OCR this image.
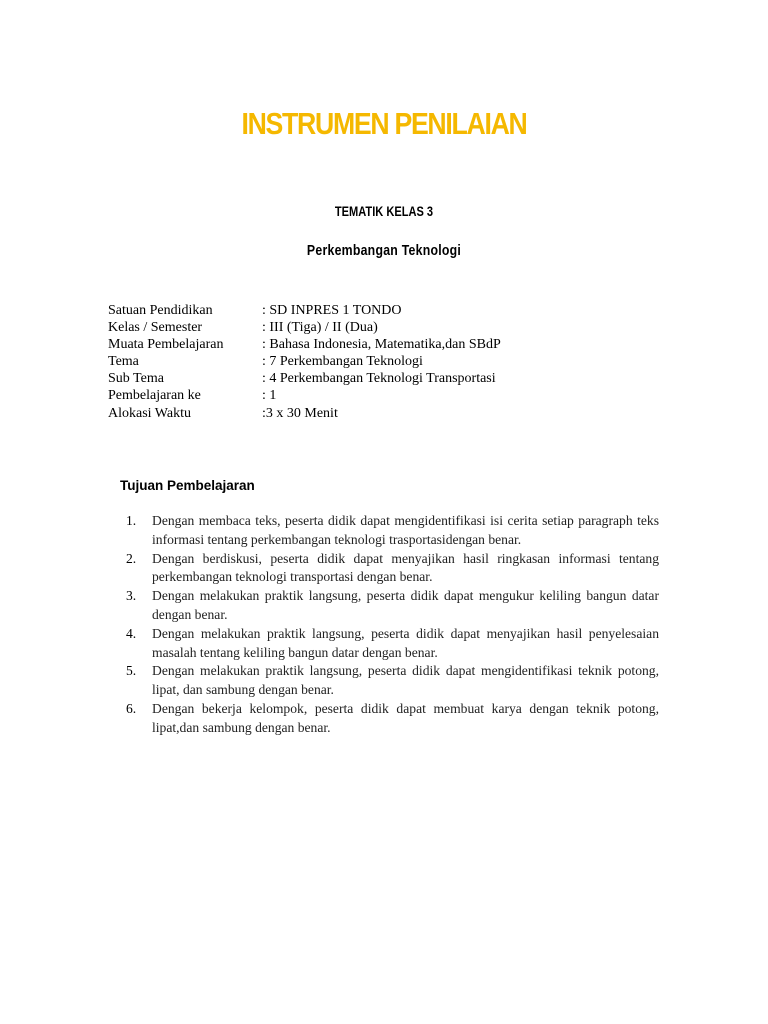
INSTRUMEN PENILAIAN
TEMATIK KELAS 3
Perkembangan Teknologi
Satuan Pendidikan	: SD INPRES 1 TONDO
Kelas / Semester	: III (Tiga) / II (Dua)
Muata Pembelajaran	: Bahasa Indonesia, Matematika,dan SBdP
Tema	: 7 Perkembangan Teknologi
Sub Tema	: 4 Perkembangan Teknologi Transportasi
Pembelajaran ke	: 1
Alokasi Waktu	:3 x 30 Menit
Tujuan Pembelajaran
1.	Dengan membaca teks, peserta didik dapat mengidentifikasi isi cerita setiap paragraph teks informasi tentang perkembangan teknologi trasportasidengan benar.
2.	Dengan berdiskusi, peserta didik dapat menyajikan hasil ringkasan informasi tentang perkembangan teknologi transportasi dengan benar.
3.	Dengan melakukan praktik langsung, peserta didik dapat mengukur keliling bangun datar dengan benar.
4.	Dengan melakukan praktik langsung, peserta didik dapat menyajikan hasil penyelesaian masalah tentang keliling bangun datar dengan benar.
5.	Dengan melakukan praktik langsung, peserta didik dapat mengidentifikasi teknik potong, lipat, dan sambung dengan benar.
6.	Dengan bekerja kelompok, peserta didik dapat membuat karya dengan teknik potong, lipat,dan sambung dengan benar.
